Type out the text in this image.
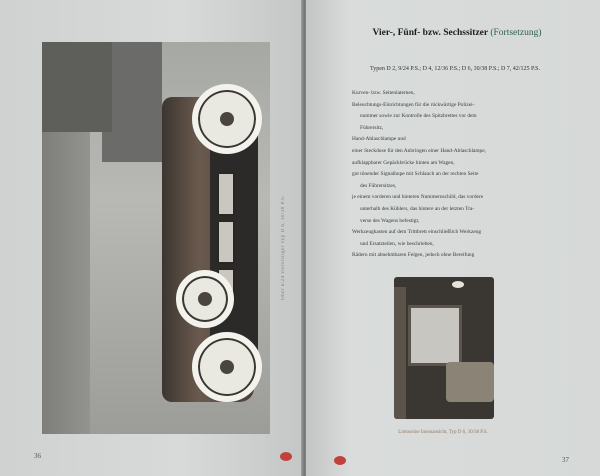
Ober 6/24 viersitziger Typ D 6, 30/38 P.S.
36
Vier-, Fünf- bzw. Sechssitzer (Fortsetzung)
Typen D 2, 9/24 P.S.; D 4, 12/36 P.S.; D 6, 30/38 P.S.; D 7, 42/125 P.S.
Kurven- bzw. Seitenlaternen,
Beleuchtungs-Einrichtungen für die rückwärtige Polizei-
nummer sowie zur Kontrolle des Spitzbrettes vor dem
Führersitz,
Hand-Ablaschlampe und
einer Steckdose für den Anbringen einer Hand-Ablaschlampe,
aufklappbarer Gepäckbrücke hinten am Wagen,
gut tönender Signalhupe mit Schlauch an der rechten Seite
des Führersitzes,
je einem vorderen und hinteren Nummernschild, das vordere
unterhalb des Kühlers, das hintere an der letzten Tra-
verse des Wagens befestigt,
Werkzeugkasten auf dem Trittbrett einschließlich Werkzeug
und Ersatzteilen, wie beschrieben,
Rädern mit abnehmbaren Felgen, jedoch ohne Bereifung
Limousine Innenansicht, Typ D 6, 30/38 P.S.
37
